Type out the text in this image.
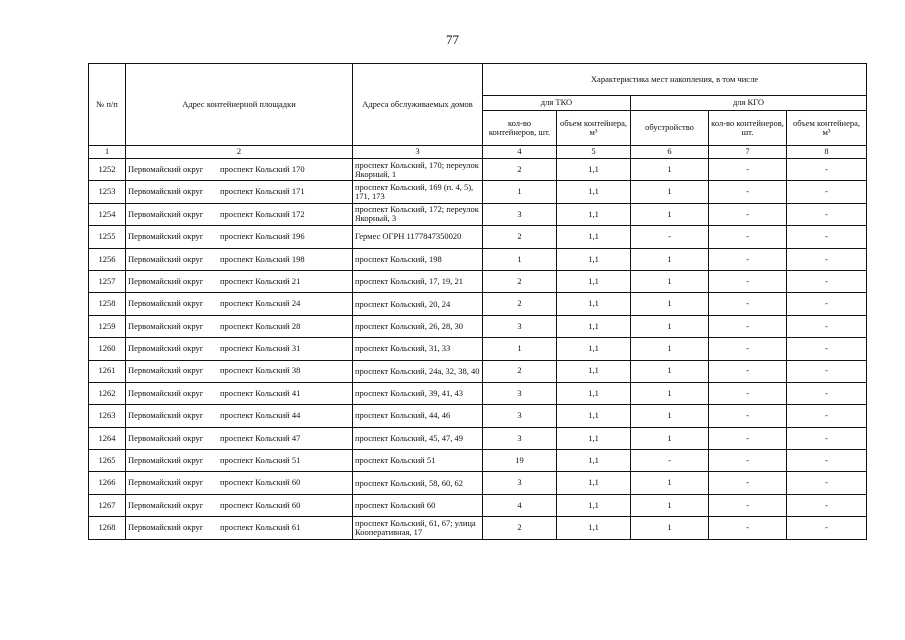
77
№ п/п	Адрес контейнерной площадки	Адреса обслуживаемых домов	Характеристика мест накопления, в том числе				
			для ТКО		для КГО		
			кол-во контейнеров, шт.	объем контейнера, м³	обустройство	кол-во контейнеров, шт.	объем контейнера, м³
1	2	3	4	5	6	7	8
1252	Первомайский округ проспект Кольский 170	проспект Кольский, 170; переулок Якорный, 1	2	1,1	1	-	-
1253	Первомайский округ проспект Кольский 171	проспект Кольский, 169 (п. 4, 5), 171, 173	1	1,1	1	-	-
1254	Первомайский округ проспект Кольский 172	проспект Кольский, 172; переулок Якорный, 3	3	1,1	1	-	-
1255	Первомайский округ проспект Кольский 196	Гермес ОГРН 1177847350020	2	1,1	-	-	-
1256	Первомайский округ проспект Кольский 198	проспект Кольский, 198	1	1,1	1	-	-
1257	Первомайский округ проспект Кольский 21	проспект Кольский, 17, 19, 21	2	1,1	1	-	-
1258	Первомайский округ проспект Кольский 24	проспект Кольский, 20, 24	2	1,1	1	-	-
1259	Первомайский округ проспект Кольский 28	проспект Кольский, 26, 28, 30	3	1,1	1	-	-
1260	Первомайский округ проспект Кольский 31	проспект Кольский, 31, 33	1	1,1	1	-	-
1261	Первомайский округ проспект Кольский 38	проспект Кольский, 24а, 32, 38, 40	2	1,1	1	-	-
1262	Первомайский округ проспект Кольский 41	проспект Кольский, 39, 41, 43	3	1,1	1	-	-
1263	Первомайский округ проспект Кольский 44	проспект Кольский, 44, 46	3	1,1	1	-	-
1264	Первомайский округ проспект Кольский 47	проспект Кольский, 45, 47, 49	3	1,1	1	-	-
1265	Первомайский округ проспект Кольский 51	проспект Кольский 51	19	1,1	-	-	-
1266	Первомайский округ проспект Кольский 60	проспект Кольский, 58, 60, 62	3	1,1	1	-	-
1267	Первомайский округ проспект Кольский 60	проспект Кольский 60	4	1,1	1	-	-
1268	Первомайский округ проспект Кольский 61	проспект Кольский, 61, 67; улица Кооперативная, 17	2	1,1	1	-	-
